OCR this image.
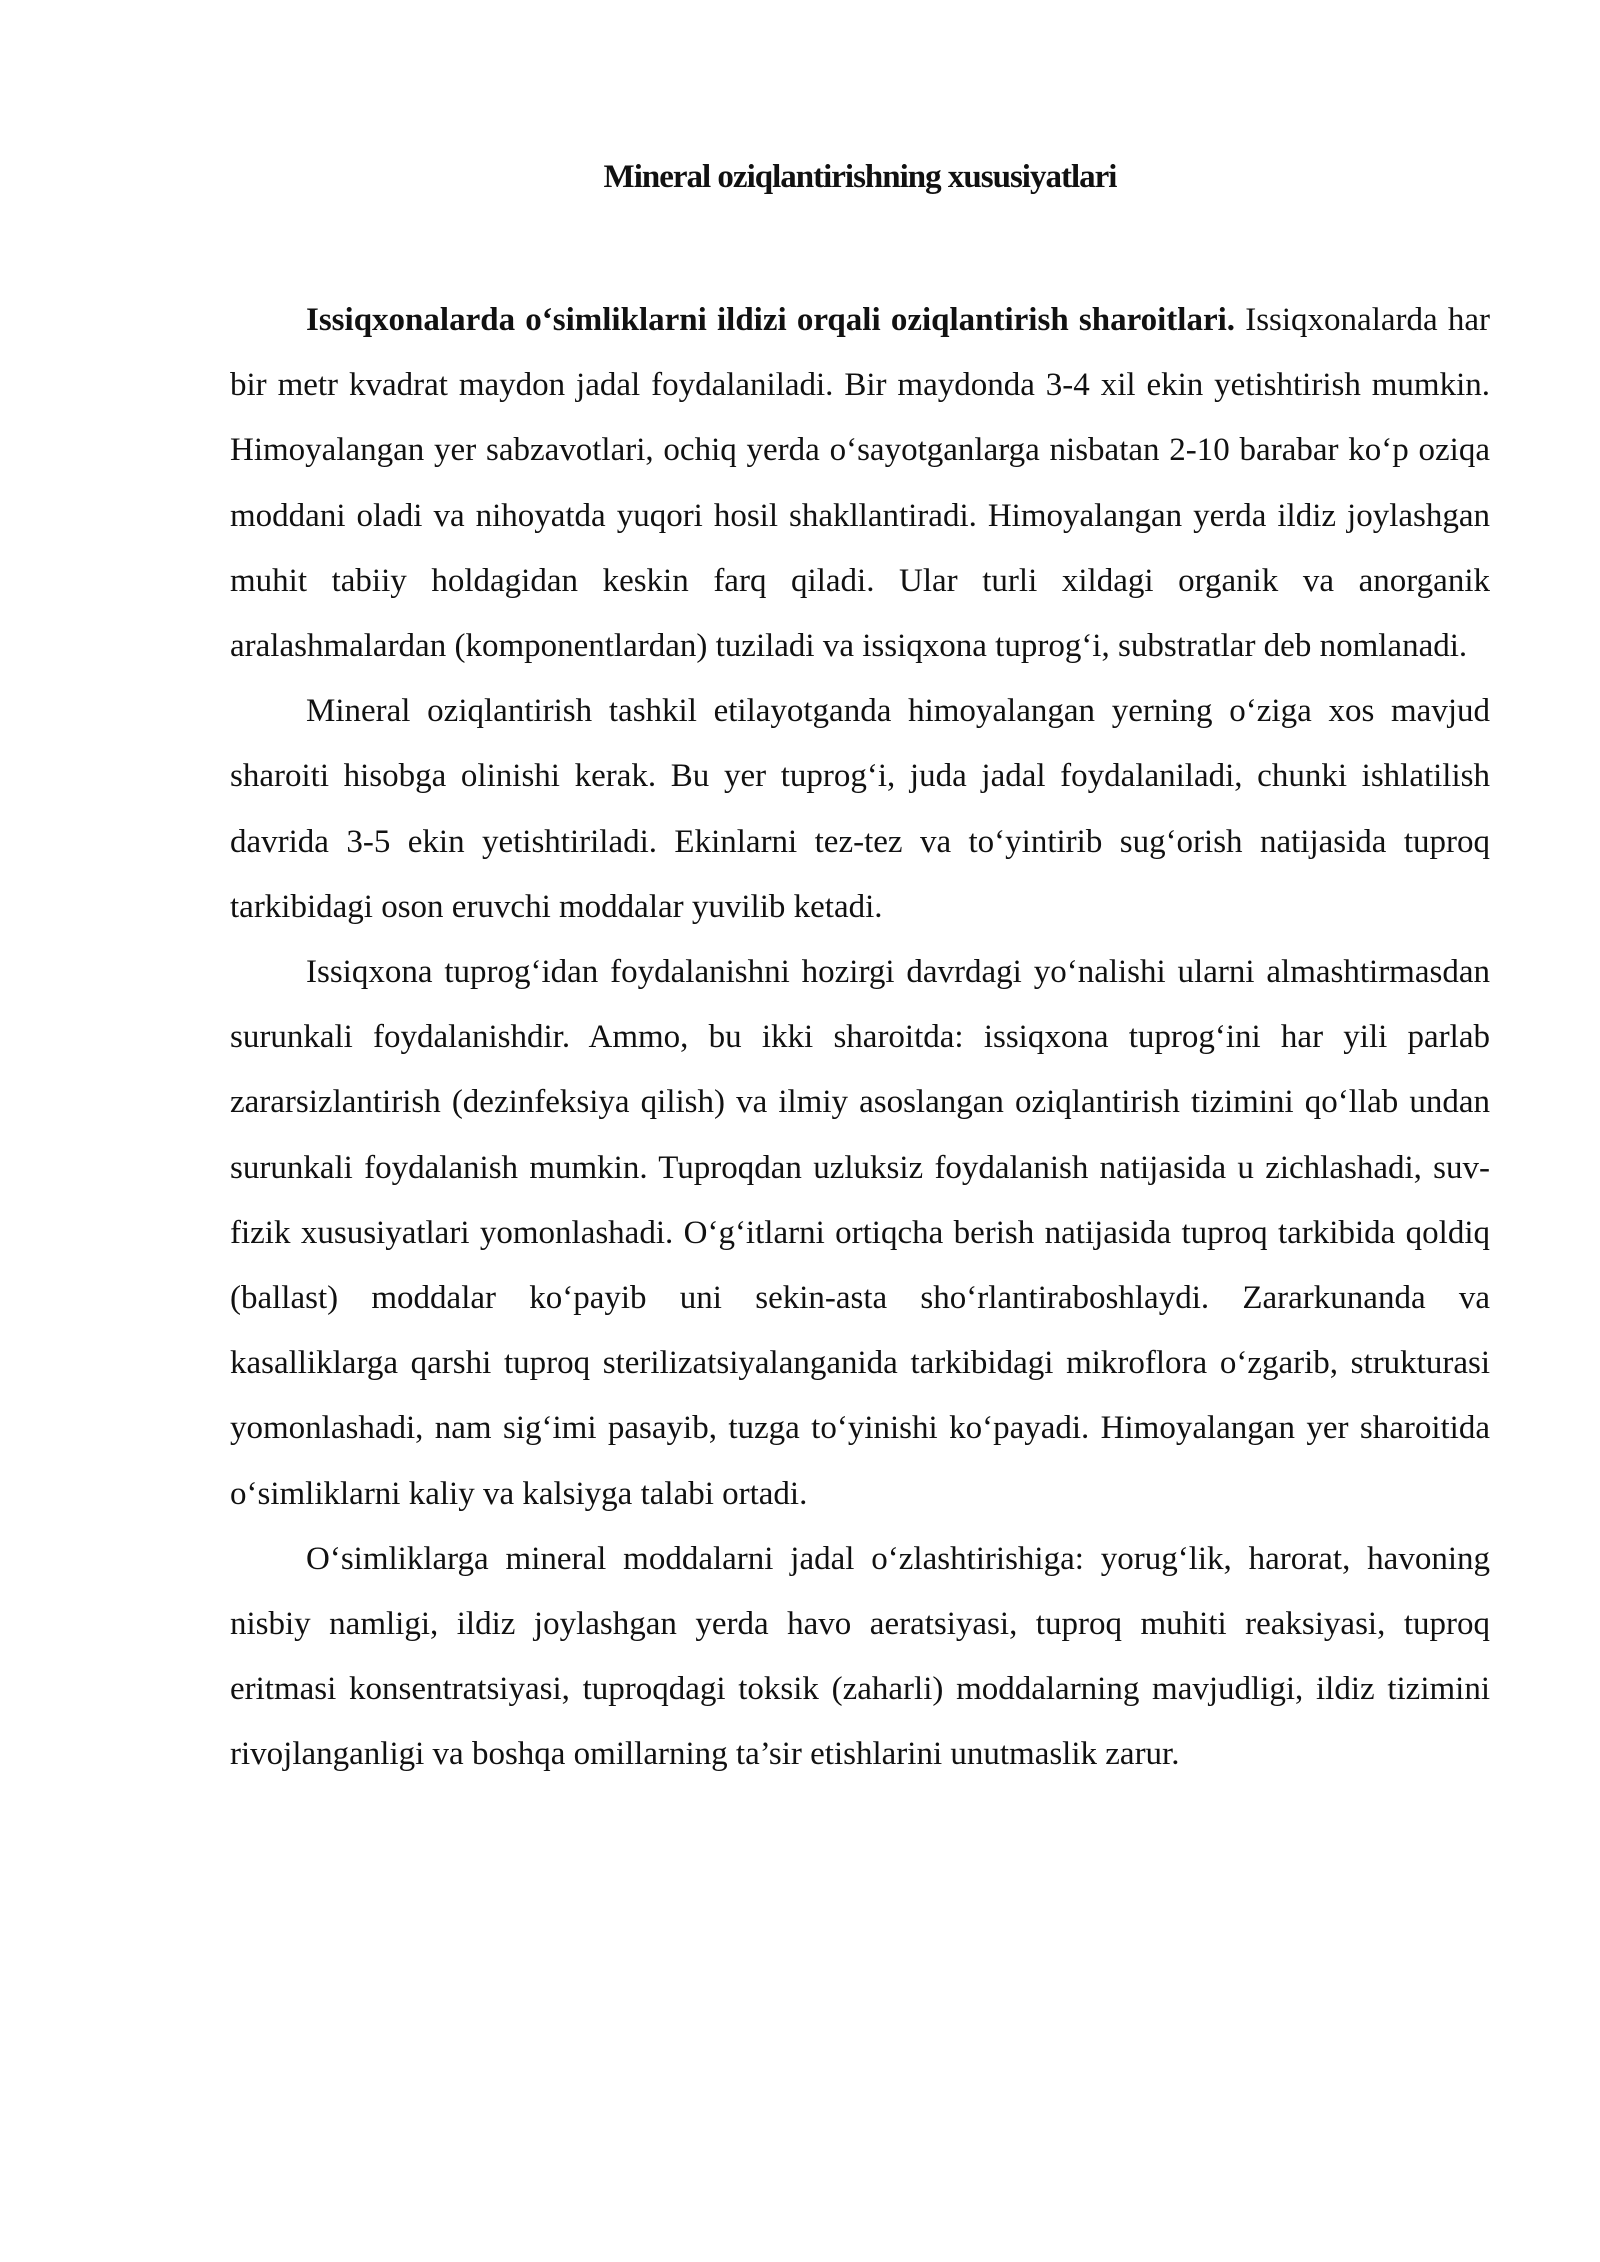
Mineral oziqlantirishning xususiyatlari

Issiqxonalarda o‘simliklarni ildizi orqali oziqlantirish sharoitlari. Issiqxonalarda har bir metr kvadrat maydon jadal foydalaniladi. Bir maydonda 3-4 xil ekin yetishtirish mumkin. Himoyalangan yer sabzavotlari, ochiq yerda o‘sayotganlarga nisbatan 2-10 barabar ko‘p oziqa moddani oladi va nihoyatda yuqori hosil shakllantiradi. Himoyalangan yerda ildiz joylashgan muhit tabiiy holdagidan keskin farq qiladi. Ular turli xildagi organik va anorganik aralashmalardan (komponentlardan) tuziladi va issiqxona tuprog‘i, substratlar deb nomlanadi.

Mineral oziqlantirish tashkil etilayotganda himoyalangan yerning o‘ziga xos mavjud sharoiti hisobga olinishi kerak. Bu yer tuprog‘i, juda jadal foydalaniladi, chunki ishlatilish davrida 3-5 ekin yetishtiriladi. Ekinlarni tez-tez va to‘yintirib sug‘orish natijasida tuproq tarkibidagi oson eruvchi moddalar yuvilib ketadi.

Issiqxona tuprog‘idan foydalanishni hozirgi davrdagi yo‘nalishi ularni almashtirmasdan surunkali foydalanishdir. Ammo, bu ikki sharoitda: issiqxona tuprog‘ini har yili parlab zararsizlantirish (dezinfeksiya qilish) va ilmiy asoslangan oziqlantirish tizimini qo‘llab undan surunkali foydalanish mumkin. Tuproqdan uzluksiz foydalanish natijasida u zichlashadi, suv-fizik xususiyatlari yomonlashadi. O‘g‘itlarni ortiqcha berish natijasida tuproq tarkibida qoldiq (ballast) moddalar ko‘payib uni sekin-asta sho‘rlantiraboshlaydi. Zararkunanda va kasalliklarga qarshi tuproq sterilizatsiyalanganida tarkibidagi mikroflora o‘zgarib, strukturasi yomonlashadi, nam sig‘imi pasayib, tuzga to‘yinishi ko‘payadi. Himoyalangan yer sharoitida o‘simliklarni kaliy va kalsiyga talabi ortadi.

O‘simliklarga mineral moddalarni jadal o‘zlashtirishiga: yorug‘lik, harorat, havoning nisbiy namligi, ildiz joylashgan yerda havo aeratsiyasi, tuproq muhiti reaksiyasi, tuproq eritmasi konsentratsiyasi, tuproqdagi toksik (zaharli) moddalarning mavjudligi, ildiz tizimini rivojlanganligi va boshqa omillarning ta’sir etishlarini unutmaslik zarur.
